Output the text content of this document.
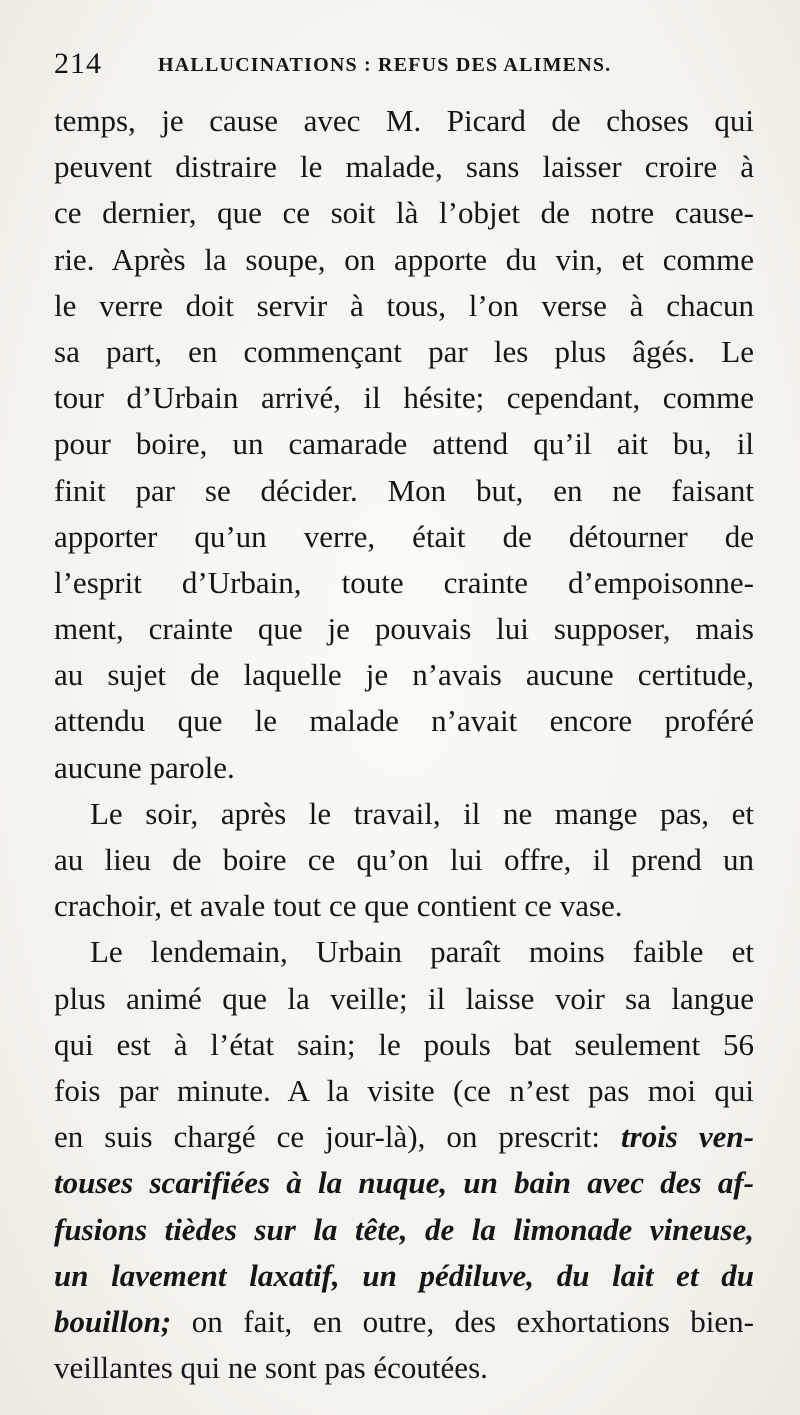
214	HALLUCINATIONS : REFUS DES ALIMENS.
temps, je cause avec M. Picard de choses qui
peuvent distraire le malade, sans laisser croire à
ce dernier, que ce soit là l’objet de notre cause-
rie. Après la soupe, on apporte du vin, et comme
le verre doit servir à tous, l’on verse à chacun
sa part, en commençant par les plus âgés. Le
tour d’Urbain arrivé, il hésite; cependant, comme
pour boire, un camarade attend qu’il ait bu, il
finit par se décider. Mon but, en ne faisant
apporter qu’un verre, était de détourner de
l’esprit d’Urbain, toute crainte d’empoisonne-
ment, crainte que je pouvais lui supposer, mais
au sujet de laquelle je n’avais aucune certitude,
attendu que le malade n’avait encore proféré
aucune parole.
Le soir, après le travail, il ne mange pas, et
au lieu de boire ce qu’on lui offre, il prend un
crachoir, et avale tout ce que contient ce vase.
Le lendemain, Urbain paraît moins faible et
plus animé que la veille; il laisse voir sa langue
qui est à l’état sain; le pouls bat seulement 56
fois par minute. A la visite (ce n’est pas moi qui
en suis chargé ce jour-là), on prescrit: trois ven-
touses scarifiées à la nuque, un bain avec des af-
fusions tièdes sur la tête, de la limonade vineuse,
un lavement laxatif, un pédiluve, du lait et du
bouillon; on fait, en outre, des exhortations bien-
veillantes qui ne sont pas écoutées.
